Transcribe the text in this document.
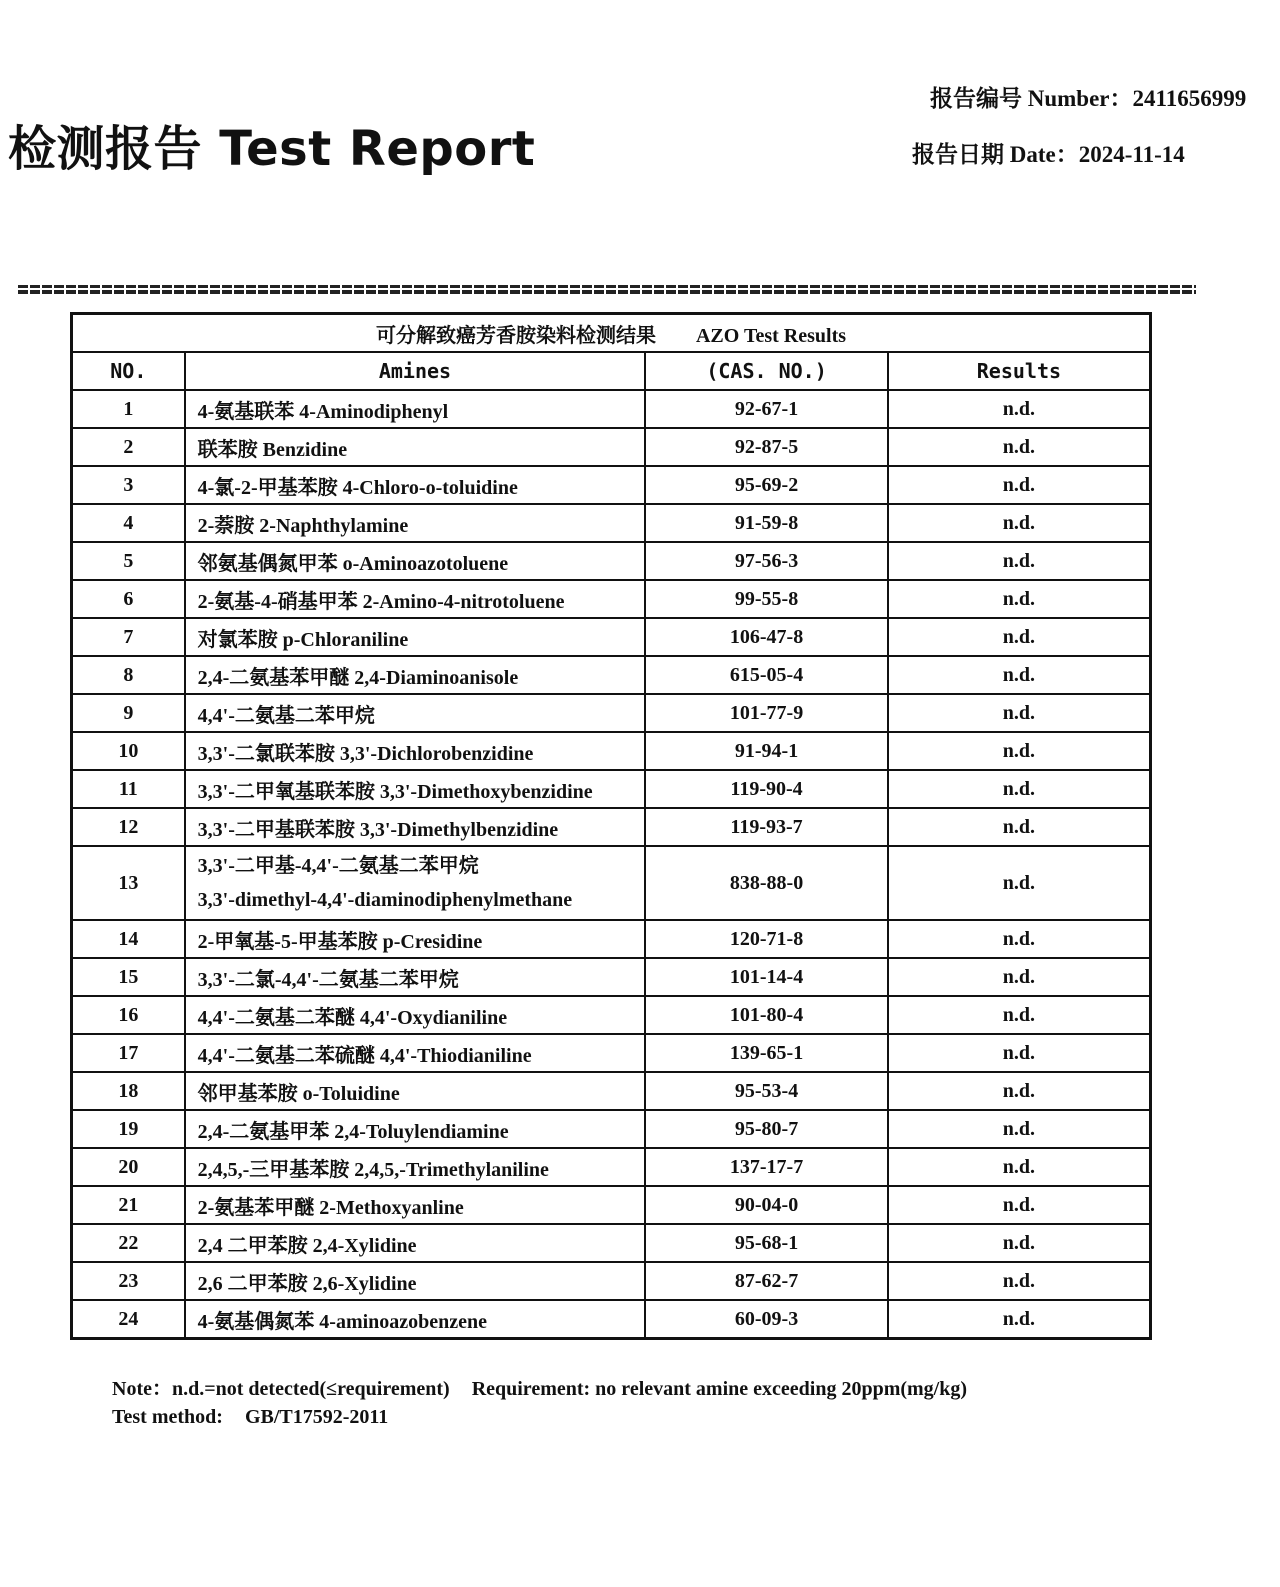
检测报告 Test Report
报告编号 Number：2411656999
报告日期 Date：2024-11-14
可分解致癌芳香胺染料检测结果 AZO Test Results			
NO.	Amines	(CAS. NO.)	Results
1	4-氨基联苯 4-Aminodiphenyl	92-67-1	n.d.
2	联苯胺 Benzidine	92-87-5	n.d.
3	4-氯-2-甲基苯胺 4-Chloro-o-toluidine	95-69-2	n.d.
4	2-萘胺 2-Naphthylamine	91-59-8	n.d.
5	邻氨基偶氮甲苯 o-Aminoazotoluene	97-56-3	n.d.
6	2-氨基-4-硝基甲苯 2-Amino-4-nitrotoluene	99-55-8	n.d.
7	对氯苯胺 p-Chloraniline	106-47-8	n.d.
8	2,4-二氨基苯甲醚 2,4-Diaminoanisole	615-05-4	n.d.
9	4,4'-二氨基二苯甲烷	101-77-9	n.d.
10	3,3'-二氯联苯胺 3,3'-Dichlorobenzidine	91-94-1	n.d.
11	3,3'-二甲氧基联苯胺 3,3'-Dimethoxybenzidine	119-90-4	n.d.
12	3,3'-二甲基联苯胺 3,3'-Dimethylbenzidine	119-93-7	n.d.
13	3,3'-二甲基-4,4'-二氨基二苯甲烷
3,3'-dimethyl-4,4'-diaminodiphenylmethane	838-88-0	n.d.
14	2-甲氧基-5-甲基苯胺 p-Cresidine	120-71-8	n.d.
15	3,3'-二氯-4,4'-二氨基二苯甲烷	101-14-4	n.d.
16	4,4'-二氨基二苯醚 4,4'-Oxydianiline	101-80-4	n.d.
17	4,4'-二氨基二苯硫醚 4,4'-Thiodianiline	139-65-1	n.d.
18	邻甲基苯胺 o-Toluidine	95-53-4	n.d.
19	2,4-二氨基甲苯 2,4-Toluylendiamine	95-80-7	n.d.
20	2,4,5,-三甲基苯胺 2,4,5,-Trimethylaniline	137-17-7	n.d.
21	2-氨基苯甲醚 2-Methoxyanline	90-04-0	n.d.
22	2,4 二甲苯胺 2,4-Xylidine	95-68-1	n.d.
23	2,6 二甲苯胺 2,6-Xylidine	87-62-7	n.d.
24	4-氨基偶氮苯 4-aminoazobenzene	60-09-3	n.d.
Note：n.d.=not detected(≤requirement) Requirement: no relevant amine exceeding 20ppm(mg/kg)
Test method: GB/T17592-2011
